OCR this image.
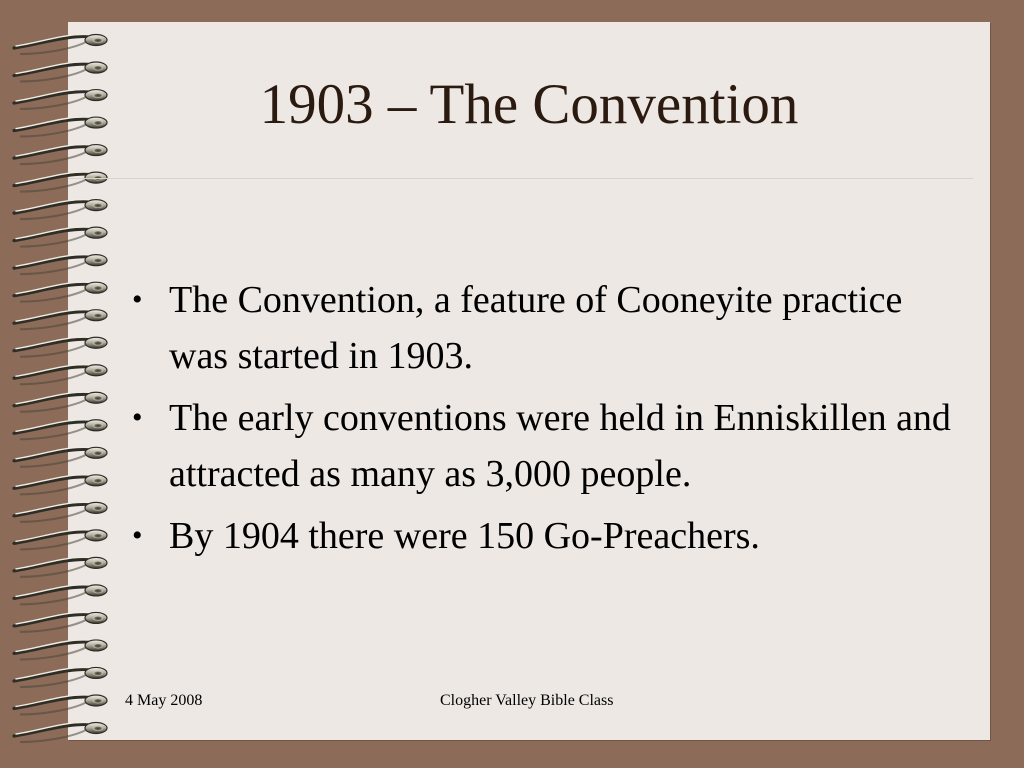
1903 – The Convention
• The Convention, a feature of Cooneyite practice was started in 1903.
• The early conventions were held in Enniskillen and attracted as many as 3,000 people.
• By 1904 there were 150 Go-Preachers.
4 May 2008	Clogher Valley Bible Class
